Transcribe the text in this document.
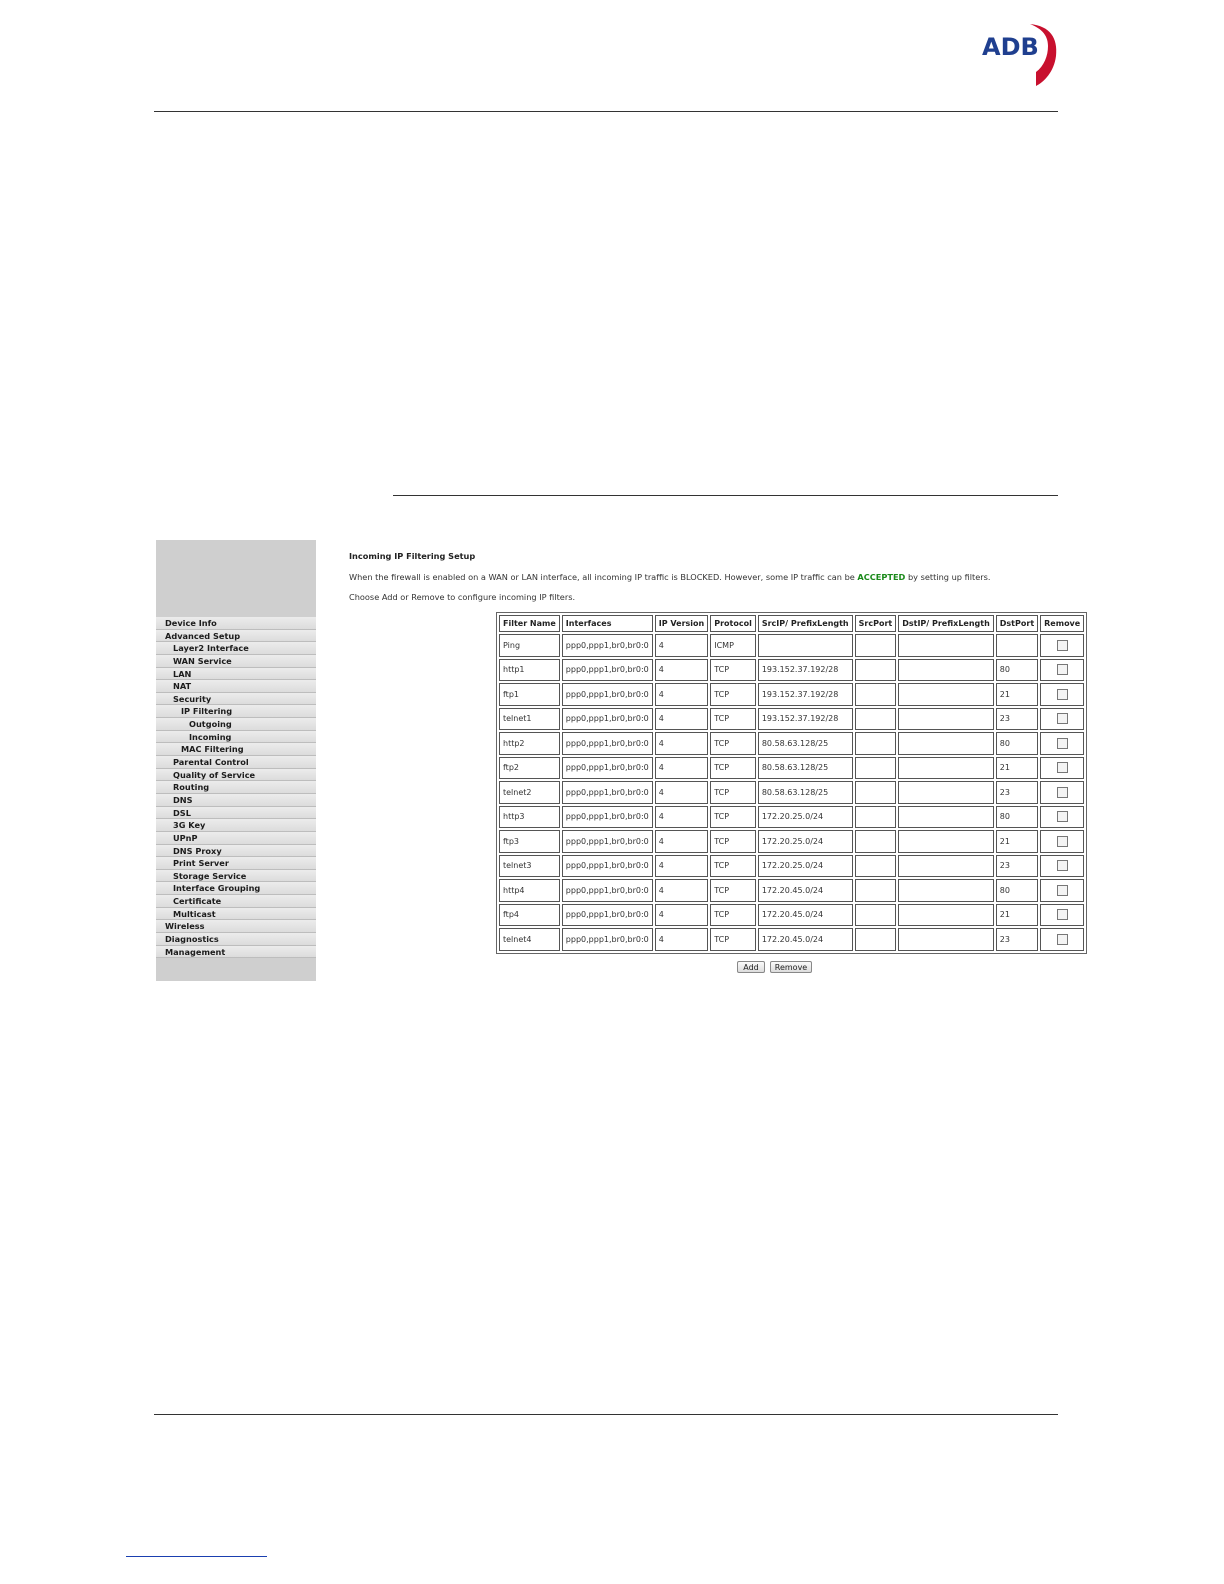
ADB
Device Info
Advanced Setup
Layer2 Interface
WAN Service
LAN
NAT
Security
IP Filtering
Outgoing
Incoming
MAC Filtering
Parental Control
Quality of Service
Routing
DNS
DSL
3G Key
UPnP
DNS Proxy
Print Server
Storage Service
Interface Grouping
Certificate
Multicast
Wireless
Diagnostics
Management
Incoming IP Filtering Setup
When the firewall is enabled on a WAN or LAN interface, all incoming IP traffic is BLOCKED. However, some IP traffic can be ACCEPTED by setting up filters.
Choose Add or Remove to configure incoming IP filters.
Filter Name	Interfaces	IP Version	Protocol	SrcIP/ PrefixLength	SrcPort	DstIP/ PrefixLength	DstPort	Remove
Ping	ppp0,ppp1,br0,br0:0	4	ICMP					
http1	ppp0,ppp1,br0,br0:0	4	TCP	193.152.37.192/28			80	
ftp1	ppp0,ppp1,br0,br0:0	4	TCP	193.152.37.192/28			21	
telnet1	ppp0,ppp1,br0,br0:0	4	TCP	193.152.37.192/28			23	
http2	ppp0,ppp1,br0,br0:0	4	TCP	80.58.63.128/25			80	
ftp2	ppp0,ppp1,br0,br0:0	4	TCP	80.58.63.128/25			21	
telnet2	ppp0,ppp1,br0,br0:0	4	TCP	80.58.63.128/25			23	
http3	ppp0,ppp1,br0,br0:0	4	TCP	172.20.25.0/24			80	
ftp3	ppp0,ppp1,br0,br0:0	4	TCP	172.20.25.0/24			21	
telnet3	ppp0,ppp1,br0,br0:0	4	TCP	172.20.25.0/24			23	
http4	ppp0,ppp1,br0,br0:0	4	TCP	172.20.45.0/24			80	
ftp4	ppp0,ppp1,br0,br0:0	4	TCP	172.20.45.0/24			21	
telnet4	ppp0,ppp1,br0,br0:0	4	TCP	172.20.45.0/24			23	
Add	Remove
